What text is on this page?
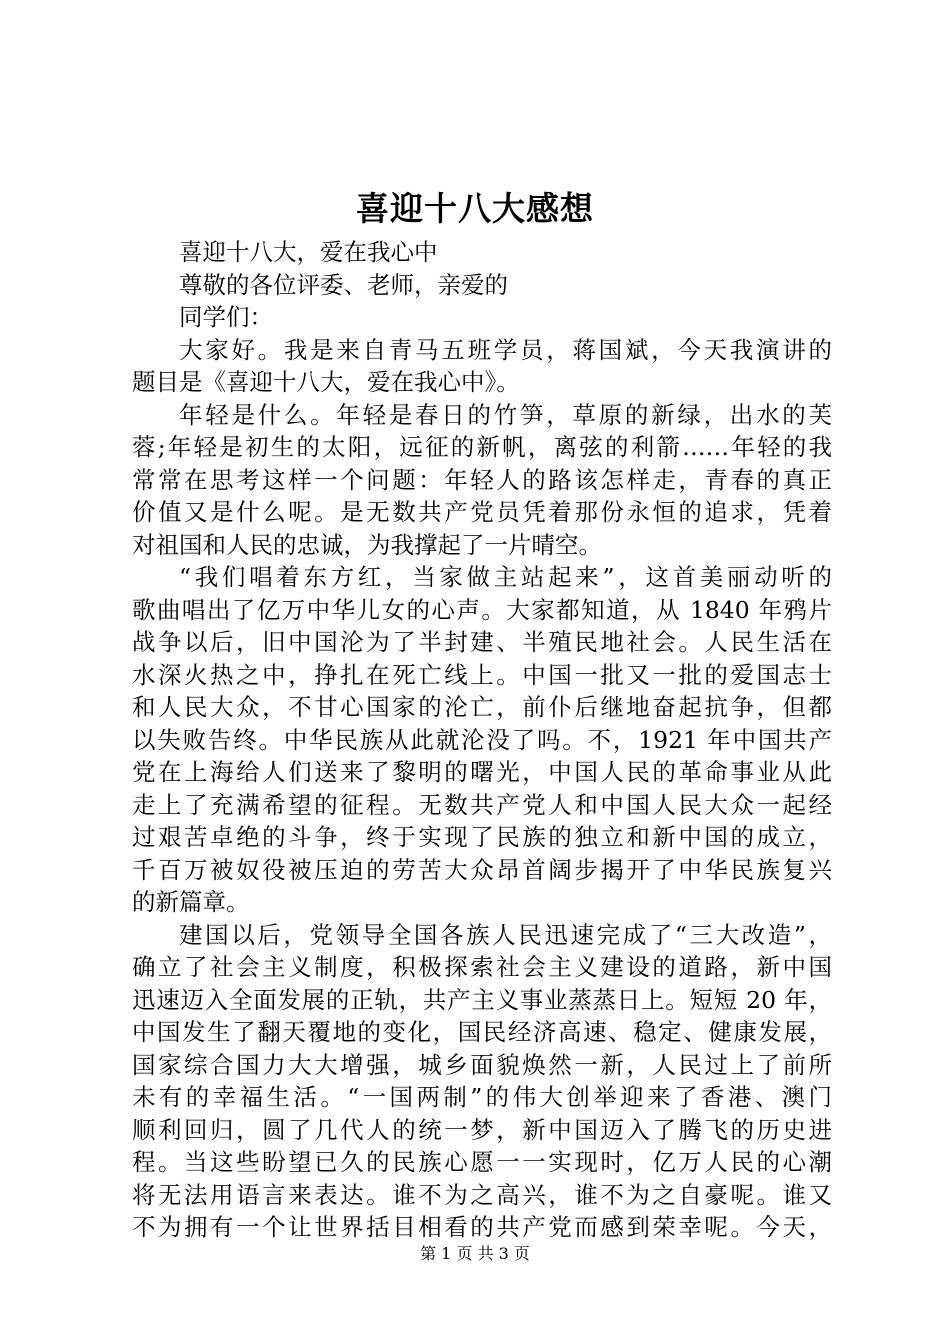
喜迎十八大感想
喜迎十八大，爱在我心中
尊敬的各位评委、老师，亲爱的
同学们：
大家好。我是来自青马五班学员，蒋国斌，今天我演讲的
题目是《喜迎十八大，爱在我心中》。
年轻是什么。年轻是春日的竹笋，草原的新绿，出水的芙
蓉;年轻是初生的太阳，远征的新帆，离弦的利箭……年轻的我
常常在思考这样一个问题：年轻人的路该怎样走，青春的真正
价值又是什么呢。是无数共产党员凭着那份永恒的追求，凭着
对祖国和人民的忠诚，为我撑起了一片晴空。
“我们唱着东方红，当家做主站起来”，这首美丽动听的
歌曲唱出了亿万中华儿女的心声。大家都知道，从 1840 年鸦片
战争以后，旧中国沦为了半封建、半殖民地社会。人民生活在
水深火热之中，挣扎在死亡线上。中国一批又一批的爱国志士
和人民大众，不甘心国家的沦亡，前仆后继地奋起抗争，但都
以失败告终。中华民族从此就沦没了吗。不，1921 年中国共产
党在上海给人们送来了黎明的曙光，中国人民的革命事业从此
走上了充满希望的征程。无数共产党人和中国人民大众一起经
过艰苦卓绝的斗争，终于实现了民族的独立和新中国的成立，
千百万被奴役被压迫的劳苦大众昂首阔步揭开了中华民族复兴
的新篇章。
建国以后，党领导全国各族人民迅速完成了“三大改造”，
确立了社会主义制度，积极探索社会主义建设的道路，新中国
迅速迈入全面发展的正轨，共产主义事业蒸蒸日上。短短 20 年，
中国发生了翻天覆地的变化，国民经济高速、稳定、健康发展，
国家综合国力大大增强，城乡面貌焕然一新，人民过上了前所
未有的幸福生活。“一国两制”的伟大创举迎来了香港、澳门
顺利回归，圆了几代人的统一梦，新中国迈入了腾飞的历史进
程。当这些盼望已久的民族心愿一一实现时，亿万人民的心潮
将无法用语言来表达。谁不为之高兴，谁不为之自豪呢。谁又
不为拥有一个让世界括目相看的共产党而感到荣幸呢。今天，
第 1 页 共 3 页
